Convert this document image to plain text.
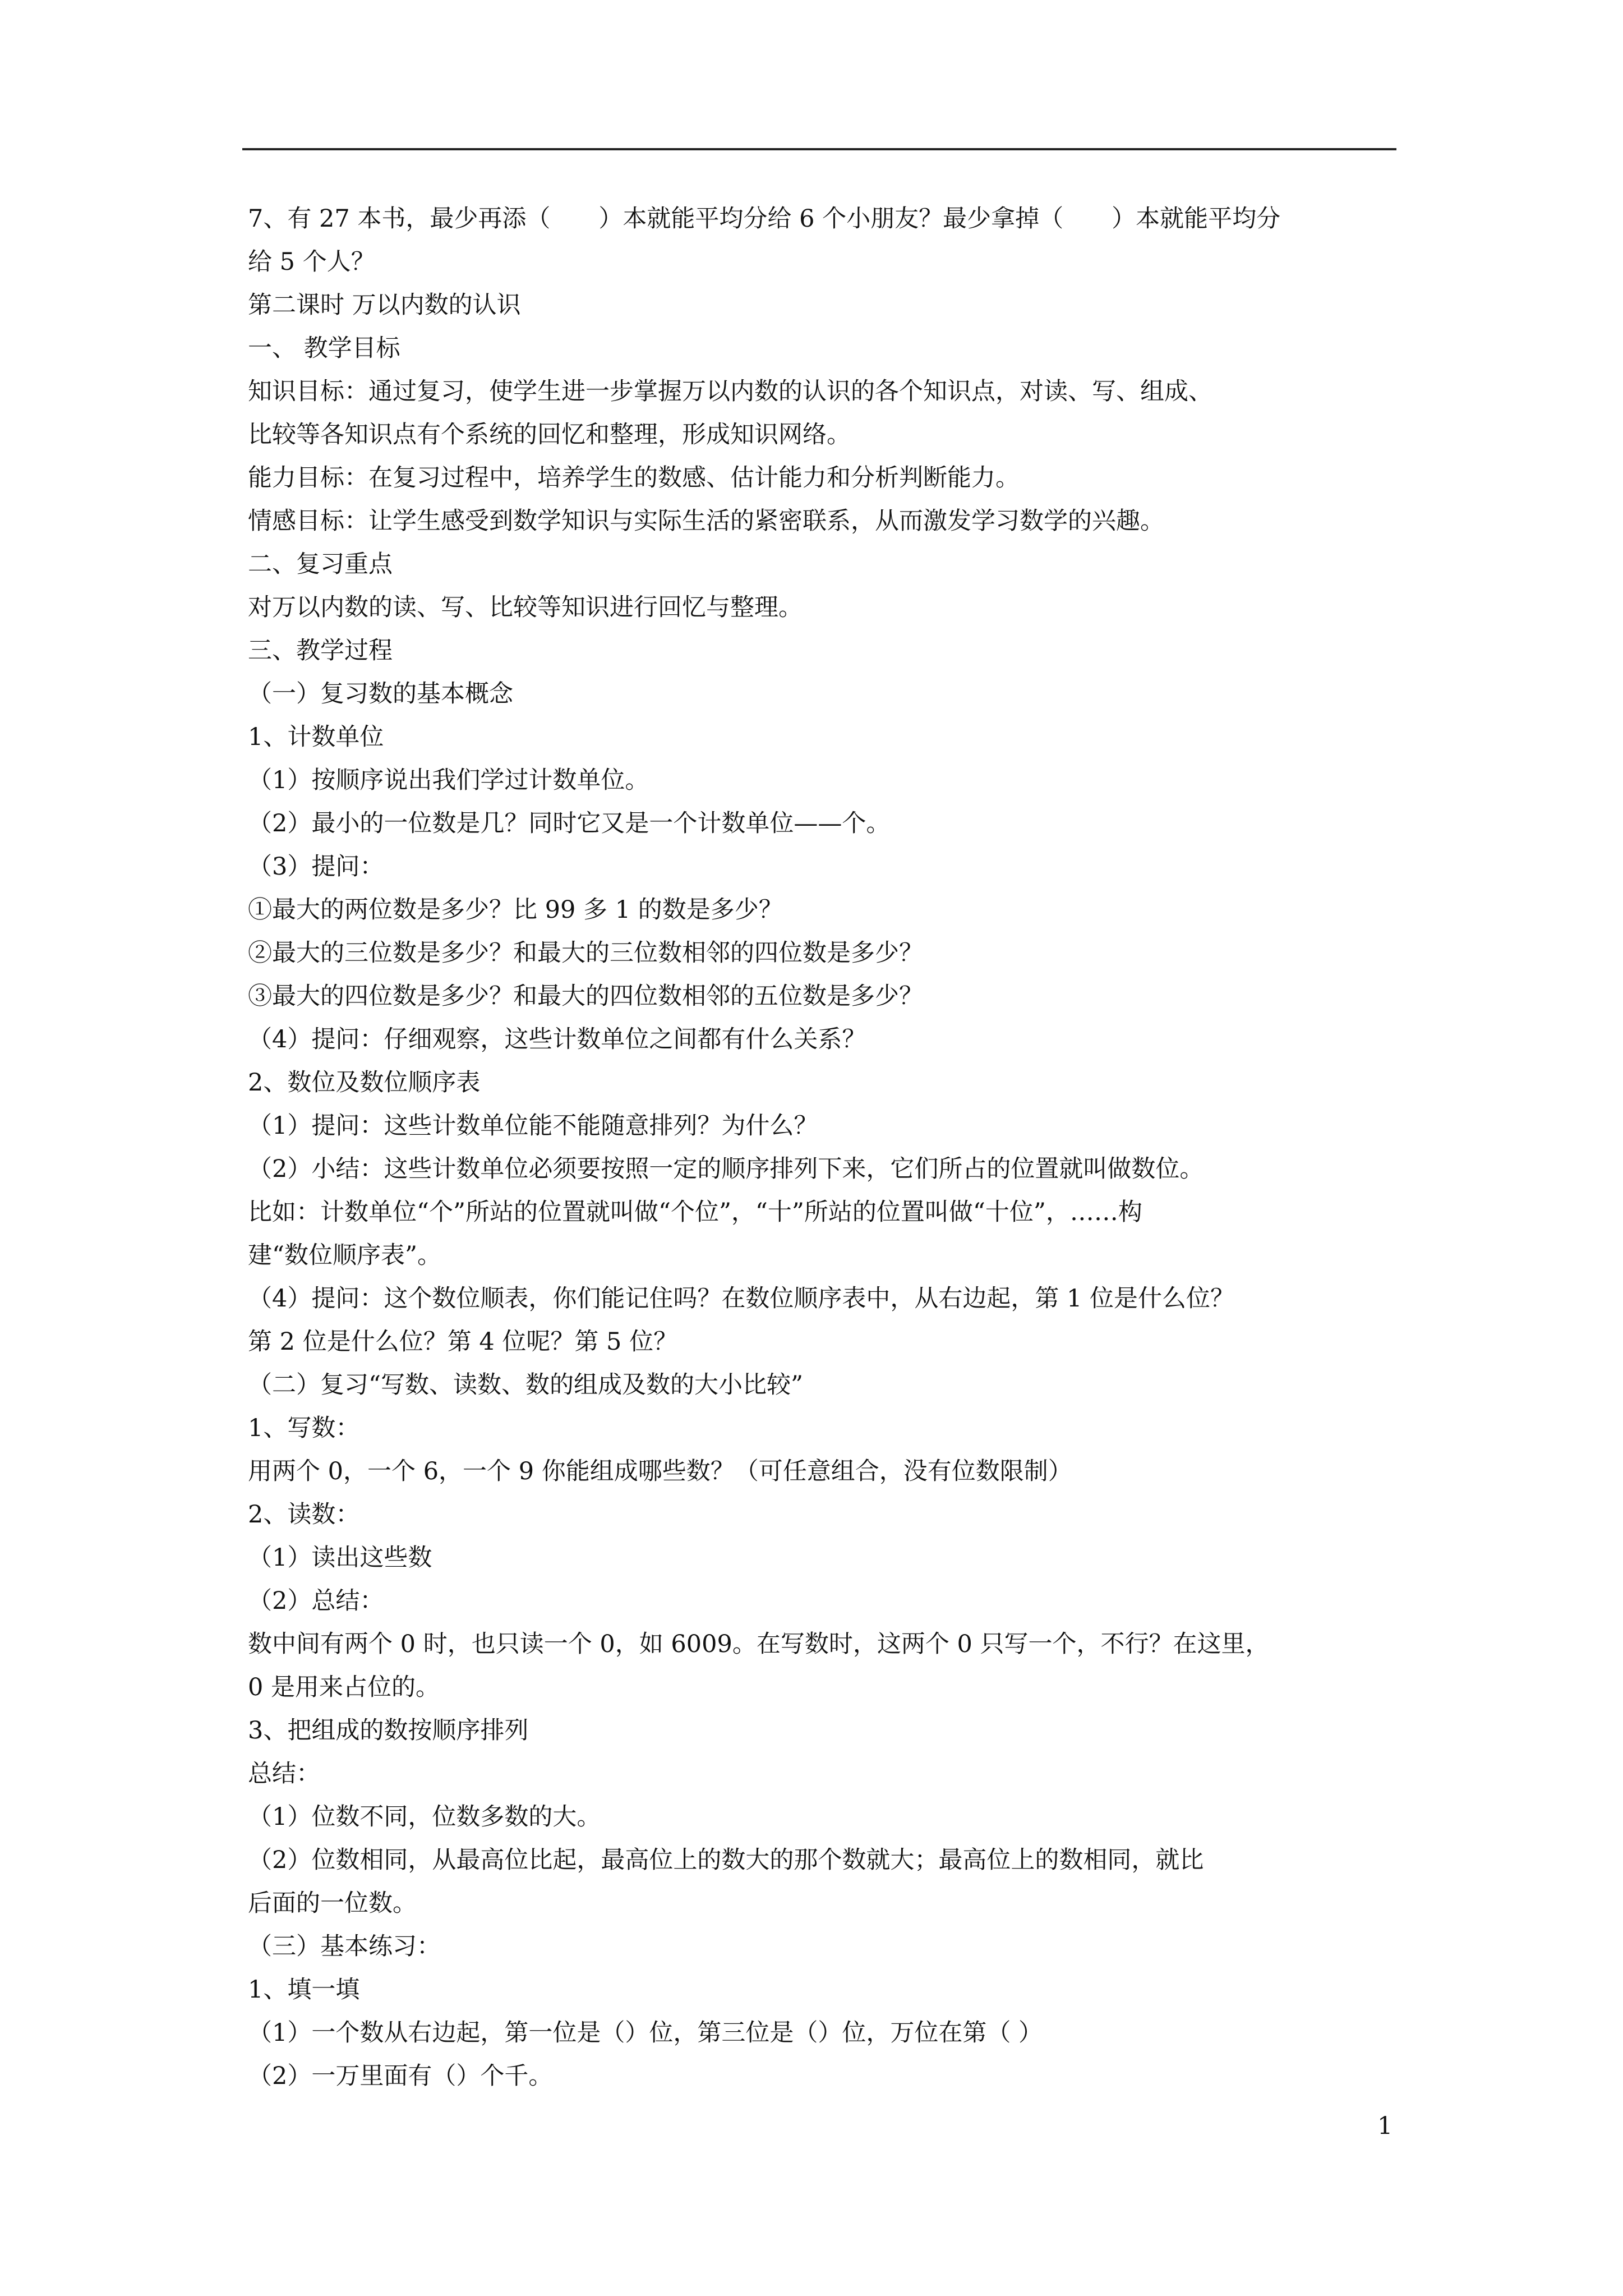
7、有 27 本书，最少再添（　　）本就能平均分给 6 个小朋友？最少拿掉（　　）本就能平均分
给 5 个人？
第二课时 万以内数的认识
一、 教学目标
知识目标：通过复习，使学生进一步掌握万以内数的认识的各个知识点，对读、写、组成、
比较等各知识点有个系统的回忆和整理，形成知识网络。
能力目标：在复习过程中，培养学生的数感、估计能力和分析判断能力。
情感目标：让学生感受到数学知识与实际生活的紧密联系，从而激发学习数学的兴趣。
二、复习重点
对万以内数的读、写、比较等知识进行回忆与整理。
三、教学过程
（一）复习数的基本概念
1、计数单位
（1）按顺序说出我们学过计数单位。
（2）最小的一位数是几？同时它又是一个计数单位——个。
（3）提问：
①最大的两位数是多少？比 99 多 1 的数是多少？
②最大的三位数是多少？和最大的三位数相邻的四位数是多少？
③最大的四位数是多少？和最大的四位数相邻的五位数是多少？
（4）提问：仔细观察，这些计数单位之间都有什么关系？
2、数位及数位顺序表
（1）提问：这些计数单位能不能随意排列？为什么？
（2）小结：这些计数单位必须要按照一定的顺序排列下来，它们所占的位置就叫做数位。
比如：计数单位“个”所站的位置就叫做“个位”，“十”所站的位置叫做“十位”，……构
建“数位顺序表”。
（4）提问：这个数位顺表，你们能记住吗？在数位顺序表中，从右边起，第 1 位是什么位？
第 2 位是什么位？第 4 位呢？第 5 位？
（二）复习“写数、读数、数的组成及数的大小比较”
1、写数：
用两个 0，一个 6，一个 9 你能组成哪些数？（可任意组合，没有位数限制）
2、读数：
（1）读出这些数
（2）总结：
数中间有两个 0 时，也只读一个 0，如 6009。在写数时，这两个 0 只写一个，不行？在这里，
0 是用来占位的。
3、把组成的数按顺序排列
总结：
（1）位数不同，位数多数的大。
（2）位数相同，从最高位比起，最高位上的数大的那个数就大；最高位上的数相同，就比
后面的一位数。
（三）基本练习：
1、填一填
（1）一个数从右边起，第一位是（）位，第三位是（）位，万位在第（ ）
（2）一万里面有（）个千。
1
